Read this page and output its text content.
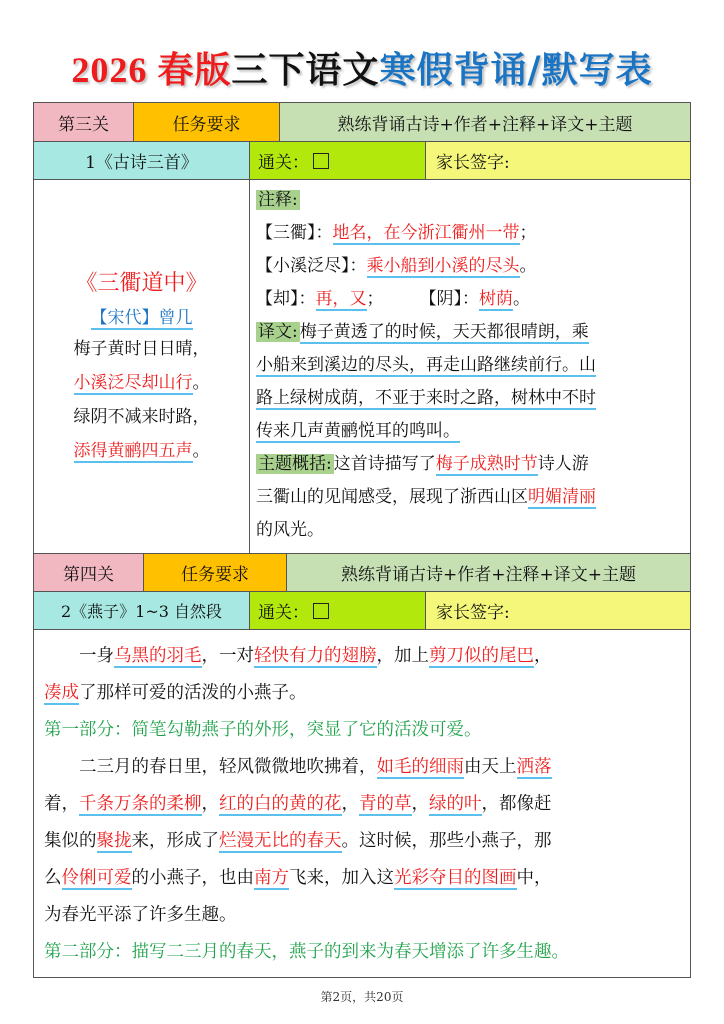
2026 春版三下语文寒假背诵/默写表
第三关	任务要求	熟练背诵古诗+作者+注释+译文+主题
1《古诗三首》	通关：	家长签字:
《三衢道中》
【宋代】曾几
梅子黄时日日晴，
小溪泛尽却山行。
绿阴不减来时路，
添得黄鹂四五声。
注释:
【三衢】：地名，在今浙江衢州一带；
【小溪泛尽】：乘小船到小溪的尽头。
【却】：再，又； 【阴】：树荫。
译文: 梅子黄透了的时候，天天都很晴朗，乘
小船来到溪边的尽头，再走山路继续前行。山
路上绿树成荫，不亚于来时之路，树林中不时
传来几声黄鹂悦耳的鸣叫。
主题概括: 这首诗描写了梅子成熟时节诗人游
三衢山的见闻感受，展现了浙西山区明媚清丽
的风光。
第四关	任务要求	熟练背诵古诗+作者+注释+译文+主题
2《燕子》1~3 自然段	通关：	家长签字:
一身乌黑的羽毛，一对轻快有力的翅膀，加上剪刀似的尾巴，
凑成了那样可爱的活泼的小燕子。
第一部分：简笔勾勒燕子的外形，突显了它的活泼可爱。
二三月的春日里，轻风微微地吹拂着，如毛的细雨由天上洒落
着，千条万条的柔柳，红的白的黄的花，青的草，绿的叶，都像赶
集似的聚拢来，形成了烂漫无比的春天。这时候，那些小燕子，那
么伶俐可爱的小燕子，也由南方飞来，加入这光彩夺目的图画中，
为春光平添了许多生趣。
第二部分：描写二三月的春天，燕子的到来为春天增添了许多生趣。
第2页，共20页
